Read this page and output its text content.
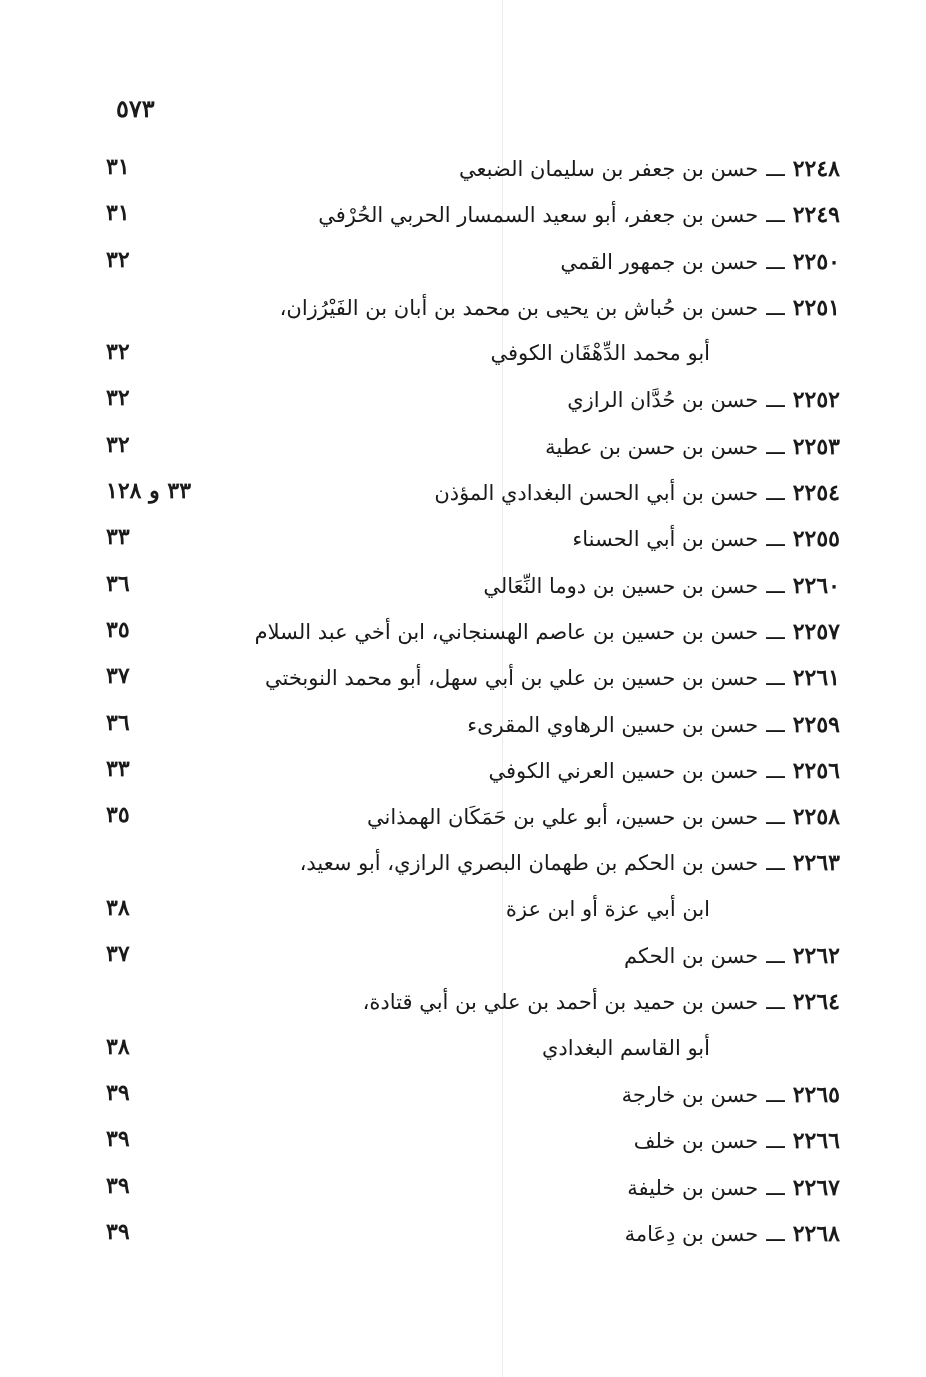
٥٧٣
٢٢٤٨ـــحسن بن جعفر بن سليمان الضبعي
٣١
٢٢٤٩ـــحسن بن جعفر، أبو سعيد السمسار الحربي الحُرْفي
٣١
٢٢٥٠ـــحسن بن جمهور القمي
٣٢
٢٢٥١ـــحسن بن حُباش بن يحيى بن محمد بن أبان بن الفَيْرُزان،
أبو محمد الدِّهْقَان الكوفي
٣٢
٢٢٥٢ـــحسن بن حُدَّان الرازي
٣٢
٢٢٥٣ـــحسن بن حسن بن عطية
٣٢
٢٢٥٤ـــحسن بن أبي الحسن البغدادي المؤذن
٣٣ و ١٢٨
٢٢٥٥ـــحسن بن أبي الحسناء
٣٣
٢٢٦٠ـــحسن بن حسين بن دوما النِّعَالي
٣٦
٢٢٥٧ـــحسن بن حسين بن عاصم الهسنجاني، ابن أخي عبد السلام
٣٥
٢٢٦١ـــحسن بن حسين بن علي بن أبي سهل، أبو محمد النوبختي
٣٧
٢٢٥٩ـــحسن بن حسين الرهاوي المقرىء
٣٦
٢٢٥٦ـــحسن بن حسين العرني الكوفي
٣٣
٢٢٥٨ـــحسن بن حسين، أبو علي بن حَمَكَان الهمذاني
٣٥
٢٢٦٣ـــحسن بن الحكم بن طهمان البصري الرازي، أبو سعيد،
ابن أبي عزة أو ابن عزة
٣٨
٢٢٦٢ـــحسن بن الحكم
٣٧
٢٢٦٤ـــحسن بن حميد بن أحمد بن علي بن أبي قتادة،
أبو القاسم البغدادي
٣٨
٢٢٦٥ـــحسن بن خارجة
٣٩
٢٢٦٦ـــحسن بن خلف
٣٩
٢٢٦٧ـــحسن بن خليفة
٣٩
٢٢٦٨ـــحسن بن دِعَامة
٣٩
